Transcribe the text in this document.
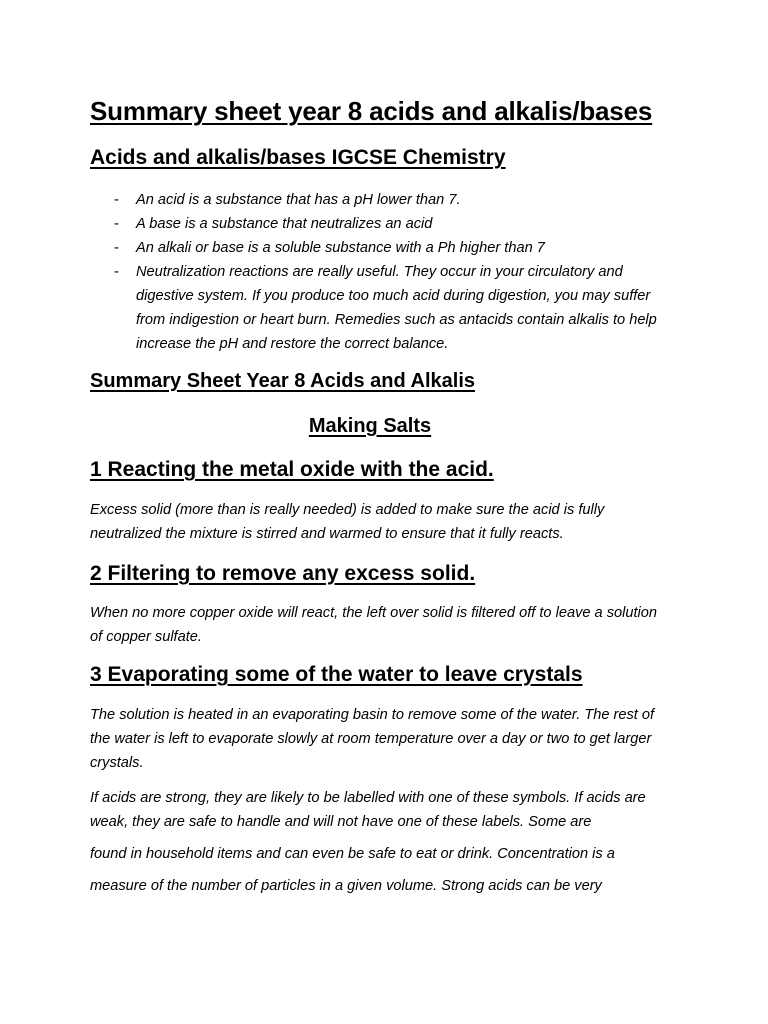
Summary sheet year 8 acids and alkalis/bases
Acids and alkalis/bases IGCSE Chemistry
- An acid is a substance that has a pH lower than 7.
- A base is a substance that neutralizes an acid
- An alkali or base is a soluble substance with a Ph higher than 7
- Neutralization reactions are really useful. They occur in your circulatory and digestive system. If you produce too much acid during digestion, you may suffer from indigestion or heart burn. Remedies such as antacids contain alkalis to help increase the pH and restore the correct balance.
Summary Sheet Year 8 Acids and Alkalis
Making Salts
1 Reacting the metal oxide with the acid.

Excess solid (more than is really needed) is added to make sure the acid is fully neutralized the mixture is stirred and warmed to ensure that it fully reacts.

2 Filtering to remove any excess solid.

When no more copper oxide will react, the left over solid is filtered off to leave a solution of copper sulfate.

3 Evaporating some of the water to leave crystals

The solution is heated in an evaporating basin to remove some of the water. The rest of the water is left to evaporate slowly at room temperature over a day or two to get larger crystals.

If acids are strong, they are likely to be labelled with one of these symbols. If acids are weak, they are safe to handle and will not have one of these labels. Some are

found in household items and can even be safe to eat or drink. Concentration is a measure of the number of particles in a given volume. Strong acids can be very
